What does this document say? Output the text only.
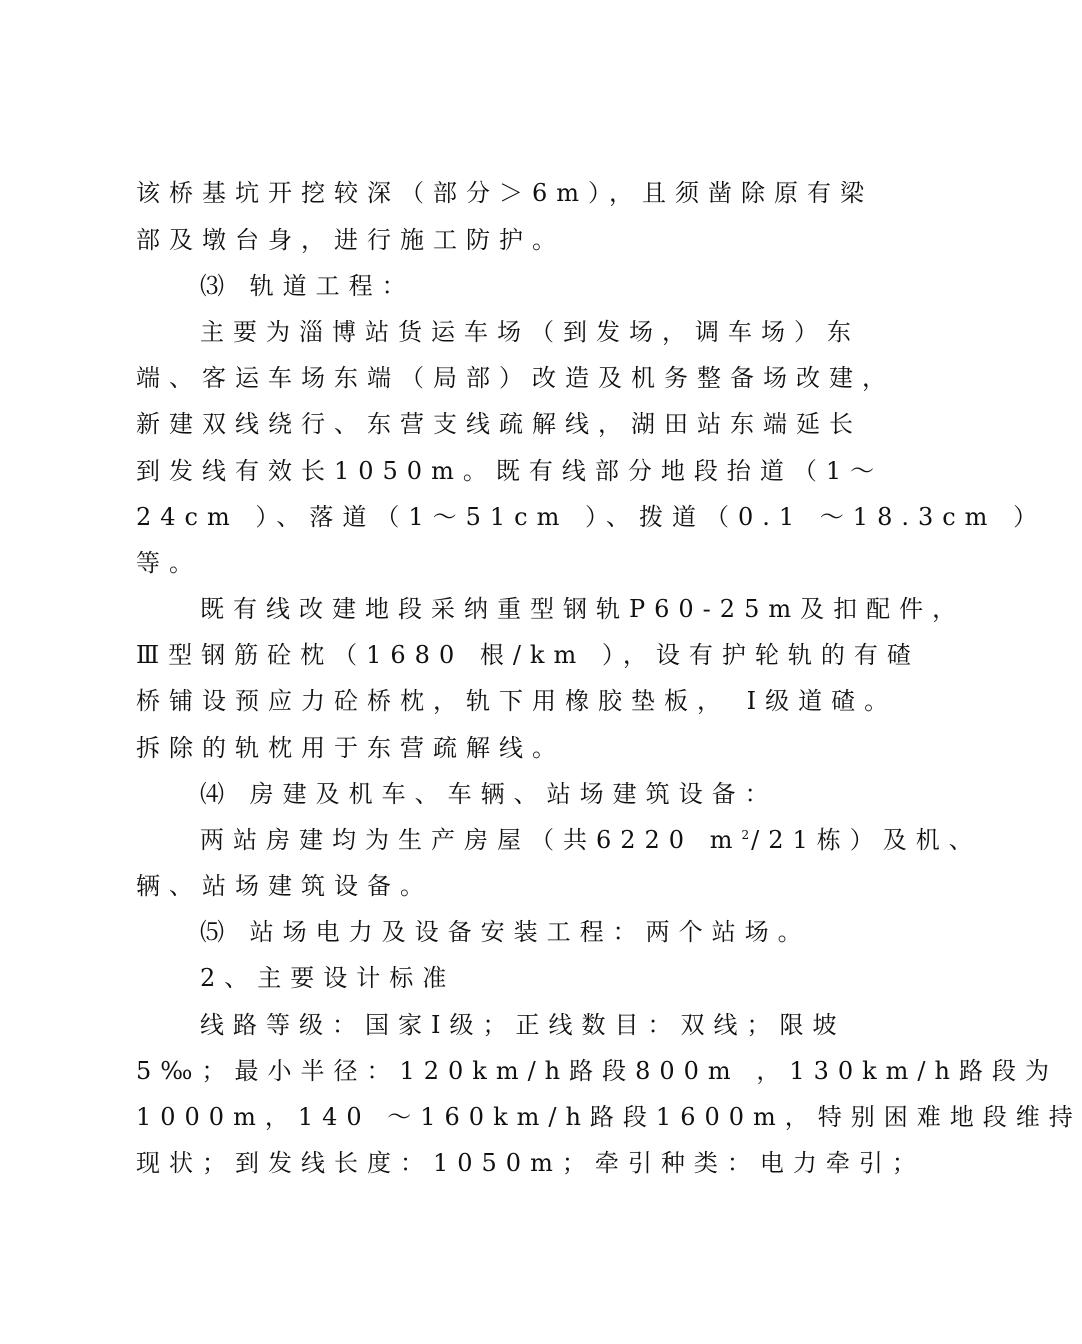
该桥基坑开挖较深（部分＞6m），且须凿除原有梁
部及墩台身，进行施工防护。
⑶ 轨道工程：
主要为淄博站货运车场（到发场，调车场）东
端、客运车场东端（局部）改造及机务整备场改建，
新建双线绕行、东营支线疏解线，湖田站东端延长
到发线有效长1050m。既有线部分地段抬道（1～
24cm ）、落道（1～51cm ）、拨道（0.1 ～18.3cm ）
等。
既有线改建地段采纳重型钢轨P60-25m及扣配件，
Ⅲ型钢筋砼枕（1680 根/km ），设有护轮轨的有碴
桥铺设预应力砼桥枕，轨下用橡胶垫板， Ⅰ级道碴。
拆除的轨枕用于东营疏解线。
⑷ 房建及机车、车辆、站场建筑设备：
两站房建均为生产房屋（共6220 $m^2/21$栋）及机、
辆、站场建筑设备。
⑸ 站场电力及设备安装工程：两个站场。
2、主要设计标准
线路等级：国家Ⅰ级；正线数目：双线；限坡
5‰；最小半径：120km/h路段800m ，130km/h路段为
1000m，140 ～160km/h路段1600m，特别困难地段维持
现状；到发线长度：1050m；牵引种类：电力牵引；
